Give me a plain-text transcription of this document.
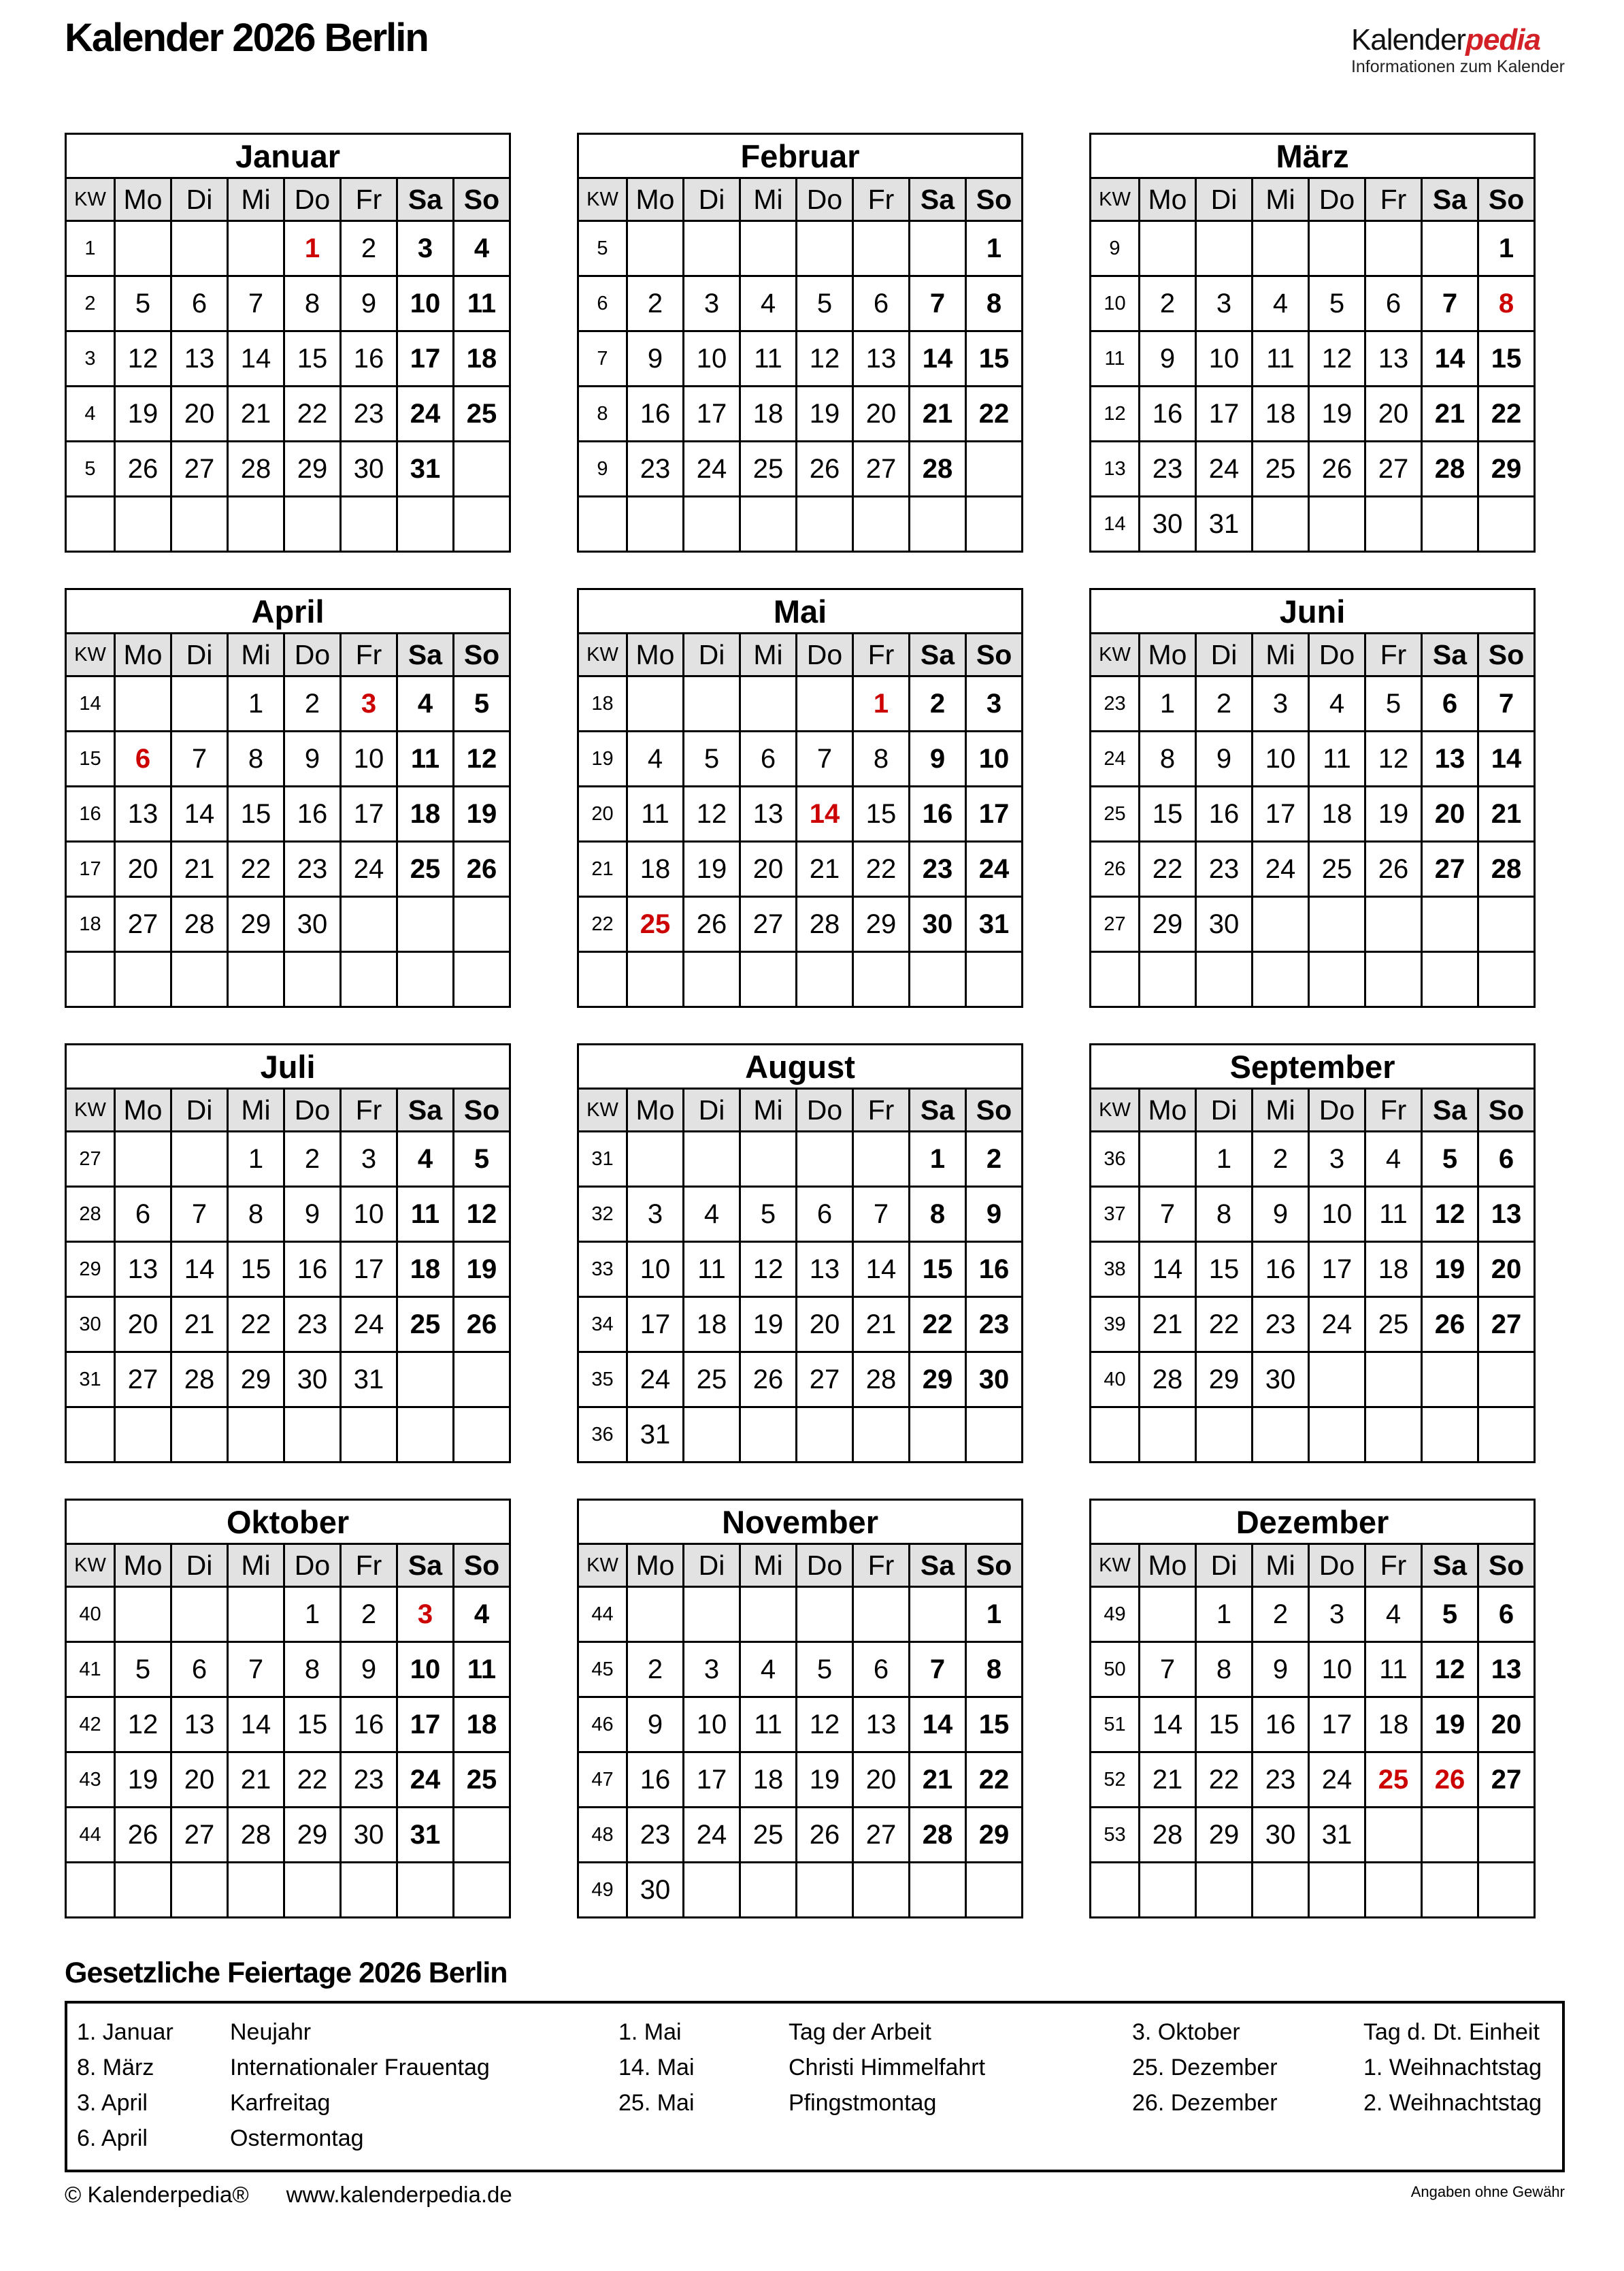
Kalender 2026 Berlin	Kalenderpedia
Informationen zum Kalender
Januar							
KW	Mo	Di	Mi	Do	Fr	Sa	So
1				1	2	3	4
2	5	6	7	8	9	10	11
3	12	13	14	15	16	17	18
4	19	20	21	22	23	24	25
5	26	27	28	29	30	31	

Februar							
KW	Mo	Di	Mi	Do	Fr	Sa	So
5							1
6	2	3	4	5	6	7	8
7	9	10	11	12	13	14	15
8	16	17	18	19	20	21	22
9	23	24	25	26	27	28	

März							
KW	Mo	Di	Mi	Do	Fr	Sa	So
9							1
10	2	3	4	5	6	7	8
11	9	10	11	12	13	14	15
12	16	17	18	19	20	21	22
13	23	24	25	26	27	28	29
14	30	31					
April							
KW	Mo	Di	Mi	Do	Fr	Sa	So
14			1	2	3	4	5
15	6	7	8	9	10	11	12
16	13	14	15	16	17	18	19
17	20	21	22	23	24	25	26
18	27	28	29	30			

Mai							
KW	Mo	Di	Mi	Do	Fr	Sa	So
18					1	2	3
19	4	5	6	7	8	9	10
20	11	12	13	14	15	16	17
21	18	19	20	21	22	23	24
22	25	26	27	28	29	30	31

Juni							
KW	Mo	Di	Mi	Do	Fr	Sa	So
23	1	2	3	4	5	6	7
24	8	9	10	11	12	13	14
25	15	16	17	18	19	20	21
26	22	23	24	25	26	27	28
27	29	30					

Juli							
KW	Mo	Di	Mi	Do	Fr	Sa	So
27			1	2	3	4	5
28	6	7	8	9	10	11	12
29	13	14	15	16	17	18	19
30	20	21	22	23	24	25	26
31	27	28	29	30	31		

August							
KW	Mo	Di	Mi	Do	Fr	Sa	So
31						1	2
32	3	4	5	6	7	8	9
33	10	11	12	13	14	15	16
34	17	18	19	20	21	22	23
35	24	25	26	27	28	29	30
36	31						
September							
KW	Mo	Di	Mi	Do	Fr	Sa	So
36		1	2	3	4	5	6
37	7	8	9	10	11	12	13
38	14	15	16	17	18	19	20
39	21	22	23	24	25	26	27
40	28	29	30				

Oktober							
KW	Mo	Di	Mi	Do	Fr	Sa	So
40				1	2	3	4
41	5	6	7	8	9	10	11
42	12	13	14	15	16	17	18
43	19	20	21	22	23	24	25
44	26	27	28	29	30	31	

November							
KW	Mo	Di	Mi	Do	Fr	Sa	So
44							1
45	2	3	4	5	6	7	8
46	9	10	11	12	13	14	15
47	16	17	18	19	20	21	22
48	23	24	25	26	27	28	29
49	30						
Dezember							
KW	Mo	Di	Mi	Do	Fr	Sa	So
49		1	2	3	4	5	6
50	7	8	9	10	11	12	13
51	14	15	16	17	18	19	20
52	21	22	23	24	25	26	27
53	28	29	30	31			

Gesetzliche Feiertage 2026 Berlin
1. Januar	Neujahr
8. März	Internationaler Frauentag
3. April	Karfreitag
6. April	Ostermontag
1. Mai	Tag der Arbeit
14. Mai	Christi Himmelfahrt
25. Mai	Pfingstmontag
3. Oktober	Tag d. Dt. Einheit
25. Dezember	1. Weihnachtstag
26. Dezember	2. Weihnachtstag
© Kalenderpedia® www.kalenderpedia.de	Angaben ohne Gewähr
